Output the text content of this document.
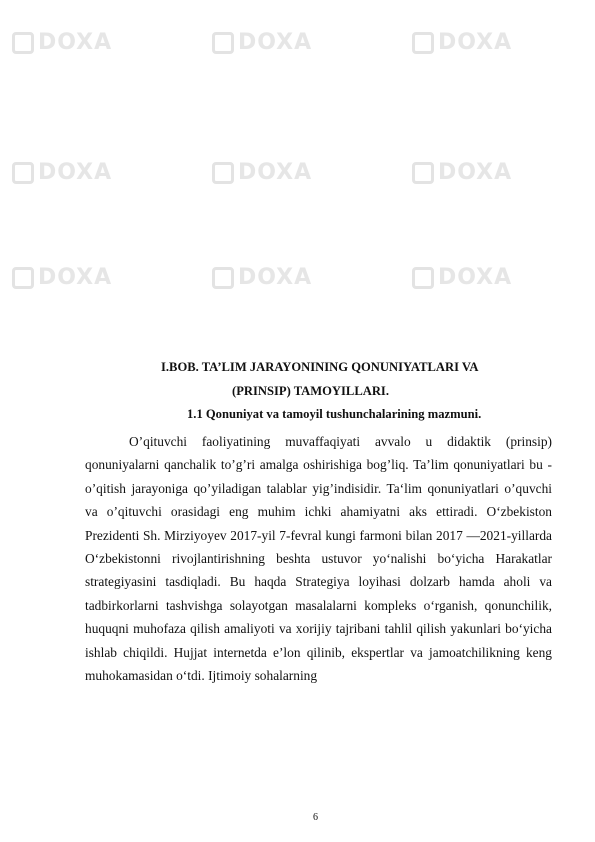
DOXA	DOXA	DOXA
DOXA	DOXA	DOXA
DOXA	DOXA	DOXA
I.BOB. TA’LIM JARAYONINING QONUNIYATLARI VA
(PRINSIP) TAMOYILLARI.
1.1 Qonuniyat va tamoyil tushunchalarining mazmuni.

O’qituvchi faoliyatining muvaffaqiyati avvalo u didaktik (prinsip) qonuniyalarni qanchalik to’g’ri amalga oshirishiga bog’liq. Ta’lim qonuniyatlari bu - o’qitish jarayoniga qo’yiladigan talablar yig’indisidir. Ta‘lim qonuniyatlari o’quvchi va o’qituvchi orasidagi eng muhim ichki ahamiyatni aks ettiradi. O‘zbekiston Prezidenti Sh. Mirziyoyev 2017-yil 7-fevral kungi farmoni bilan 2017 —2021-yillarda O‘zbekistonni rivojlantirishning beshta ustuvor yo‘nalishi bo‘yicha Harakatlar strategiyasini tasdiqladi. Bu haqda Strategiya loyihasi dolzarb hamda aholi va tadbirkorlarni tashvishga solayotgan masalalarni kompleks o‘rganish, qonunchilik, huquqni muhofaza qilish amaliyoti va xorijiy tajribani tahlil qilish yakunlari bo‘yicha ishlab chiqildi. Hujjat internetda e’lon qilinib, ekspertlar va jamoatchilikning keng muhokamasidan o‘tdi. Ijtimoiy sohalarning

6
